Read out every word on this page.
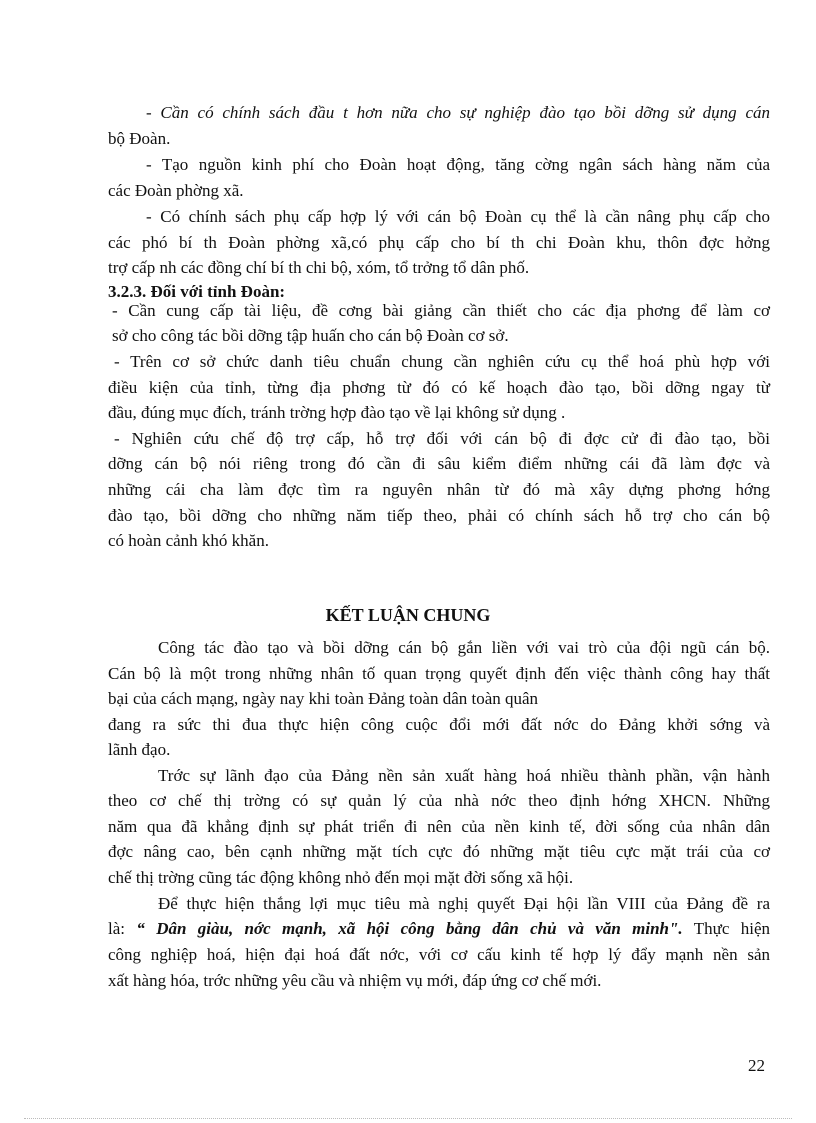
- Cần có chính sách đầu t hơn nữa cho sự nghiệp đào tạo bồi dỡng sử dụng cán
bộ Đoàn.
- Tạo nguồn kinh phí cho Đoàn hoạt động, tăng cờng ngân sách hàng năm của
các Đoàn phờng xã.
- Có chính sách phụ cấp hợp lý với cán bộ Đoàn cụ thể là cần nâng phụ cấp cho
các phó bí th Đoàn phờng xã,có phụ cấp cho bí th chi Đoàn khu, thôn đợc hởng
trợ cấp nh các đồng chí bí th chi bộ, xóm, tổ trởng tổ dân phố.
3.2.3. Đối với tỉnh Đoàn:
- Cần cung cấp tài liệu, đề cơng bài giảng cần thiết cho các địa phơng để làm cơ
sở cho công tác bồi dỡng tập huấn cho cán bộ Đoàn cơ sở.
- Trên cơ sở chức danh tiêu chuẩn chung cần nghiên cứu cụ thể hoá phù hợp với
điều kiện của tỉnh, từng địa phơng từ đó có kế hoạch đào tạo, bồi dỡng ngay từ
đầu, đúng mục đích, tránh trờng hợp đào tạo về lại không sử dụng .
- Nghiên cứu chế độ trợ cấp, hỗ trợ đối với cán bộ đi đợc cử đi đào tạo, bồi
dỡng cán bộ nói riêng trong đó cần đi sâu kiểm điểm những cái đã làm đợc và
những cái cha làm đợc tìm ra nguyên nhân từ đó mà xây dựng phơng hớng
đào tạo, bồi dỡng cho những năm tiếp theo, phải có chính sách hỗ trợ cho cán bộ
có hoàn cảnh khó khăn.
KẾT LUẬN CHUNG
Công tác đào tạo và bồi dỡng cán bộ gắn liền với vai trò của đội ngũ cán bộ.
Cán bộ là một trong những nhân tố quan trọng quyết định đến việc thành công hay thất
bại của cách mạng, ngày nay khi toàn Đảng toàn dân toàn quân
đang ra sức thi đua thực hiện công cuộc đổi mới đất nớc do Đảng khởi sớng và
lãnh đạo.
Trớc sự lãnh đạo của Đảng nền sản xuất hàng hoá nhiều thành phần, vận hành
theo cơ chế thị trờng có sự quản lý của nhà nớc theo định hớng XHCN. Những
năm qua đã khẳng định sự phát triển đi nên của nền kinh tế, đời sống của nhân dân
đợc nâng cao, bên cạnh những mặt tích cực đó những mặt tiêu cực mặt trái của cơ
chế thị trờng cũng tác động không nhỏ đến mọi mặt đời sống xã hội.
Để thực hiện thắng lợi mục tiêu mà nghị quyết Đại hội lần VIII của Đảng đề ra
là: “ Dân giàu, nớc mạnh, xã hội công bằng dân chủ và văn minh". Thực hiện
công nghiệp hoá, hiện đại hoá đất nớc, với cơ cấu kinh tế hợp lý đẩy mạnh nền sản
xất hàng hóa, trớc những yêu cầu và nhiệm vụ mới, đáp ứng cơ chế mới.
22
